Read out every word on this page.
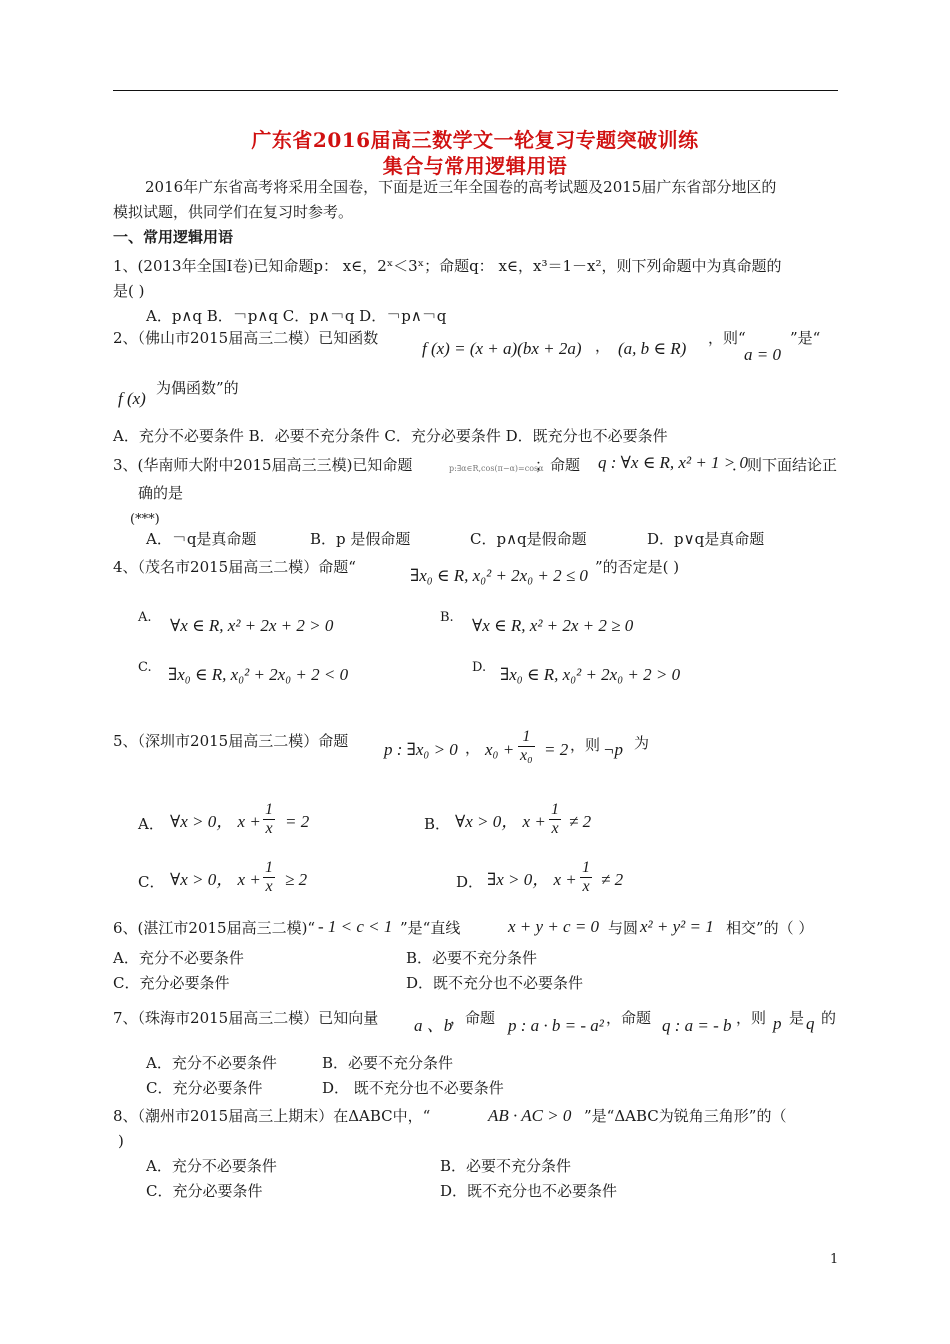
广东省2016届高三数学文一轮复习专题突破训练
集合与常用逻辑用语
2016年广东省高考将采用全国卷，下面是近三年全国卷的高考试题及2015届广东省部分地区的
模拟试题，供同学们在复习时参考。
一、常用逻辑用语
1、(2013年全国Ⅰ卷)已知命题p： x∈，2ˣ＜3ˣ；命题q： x∈，x³＝1－x²，则下列命题中为真命题的
是( )
A．p∧q B．￢p∧q C．p∧￢q D．￢p∧￢q
2、（佛山市2015届高三二模）已知函数
f (x) = (x + a)(bx + 2a) ， (a, b ∈ R)
，则“
a = 0
”是“
f (x)
为偶函数”的
A．充分不必要条件 B．必要不充分条件 C．充分必要条件 D．既充分也不必要条件
3、(华南师大附中2015届高三三模)已知命题	p:∃α∈R,cos(π−α)=cosα
；命题 q : ∀x ∈ R, x² + 1 > 0
．则下面结论正
确的是
(***)
A．￢q是真命题	B．p 是假命题	C．p∧q是假命题	D．p∨q是真命题
4、（茂名市2015届高三二模）命题“	∃x₀ ∈ R, x₀² + 2x₀ + 2 ≤ 0 ”的否定是( )
A. ∀x ∈ R, x² + 2x + 2 > 0	B. ∀x ∈ R, x² + 2x + 2 ≥ 0
C. ∃x₀ ∈ R, x₀² + 2x₀ + 2 < 0	D. ∃x₀ ∈ R, x₀² + 2x₀ + 2 > 0
5、（深圳市2015届高三二模）命题 p : ∃x₀ > 0 ， $x_0 + \frac{1}{\text{x₀}} = 2$ ，则 ¬p 为
A． ∀x > 0， $x + \frac{1}{x} = 2$	B． ∀x > 0， $x + \frac{1}{x} \ne 2$
C． ∀x > 0， $x + \frac{1}{x} \ge 2$	D． ∃x > 0， $x + \frac{1}{x} \ne 2$
6、(湛江市2015届高三二模)“ - 1 < c < 1 ”是“直线	x + y + c = 0 与圆 x² + y² = 1 相交”的（ ）
A．充分不必要条件	B．必要不充分条件
C．充分必要条件	D．既不充分也不必要条件
7、（珠海市2015届高三二模）已知向量 a 、b
，命题 p : a · b = - a² ，命题 q : a = - b ，则 p 是 q 的
A．充分不必要条件	B．必要不充分条件
C．充分必要条件	D． 既不充分也不必要条件
8、（潮州市2015届高三上期末）在ΔABC中，“	AB · AC > 0 ”是“ΔABC为锐角三角形”的（
)
A．充分不必要条件	B．必要不充分条件
C．充分必要条件	D．既不充分也不必要条件
1
